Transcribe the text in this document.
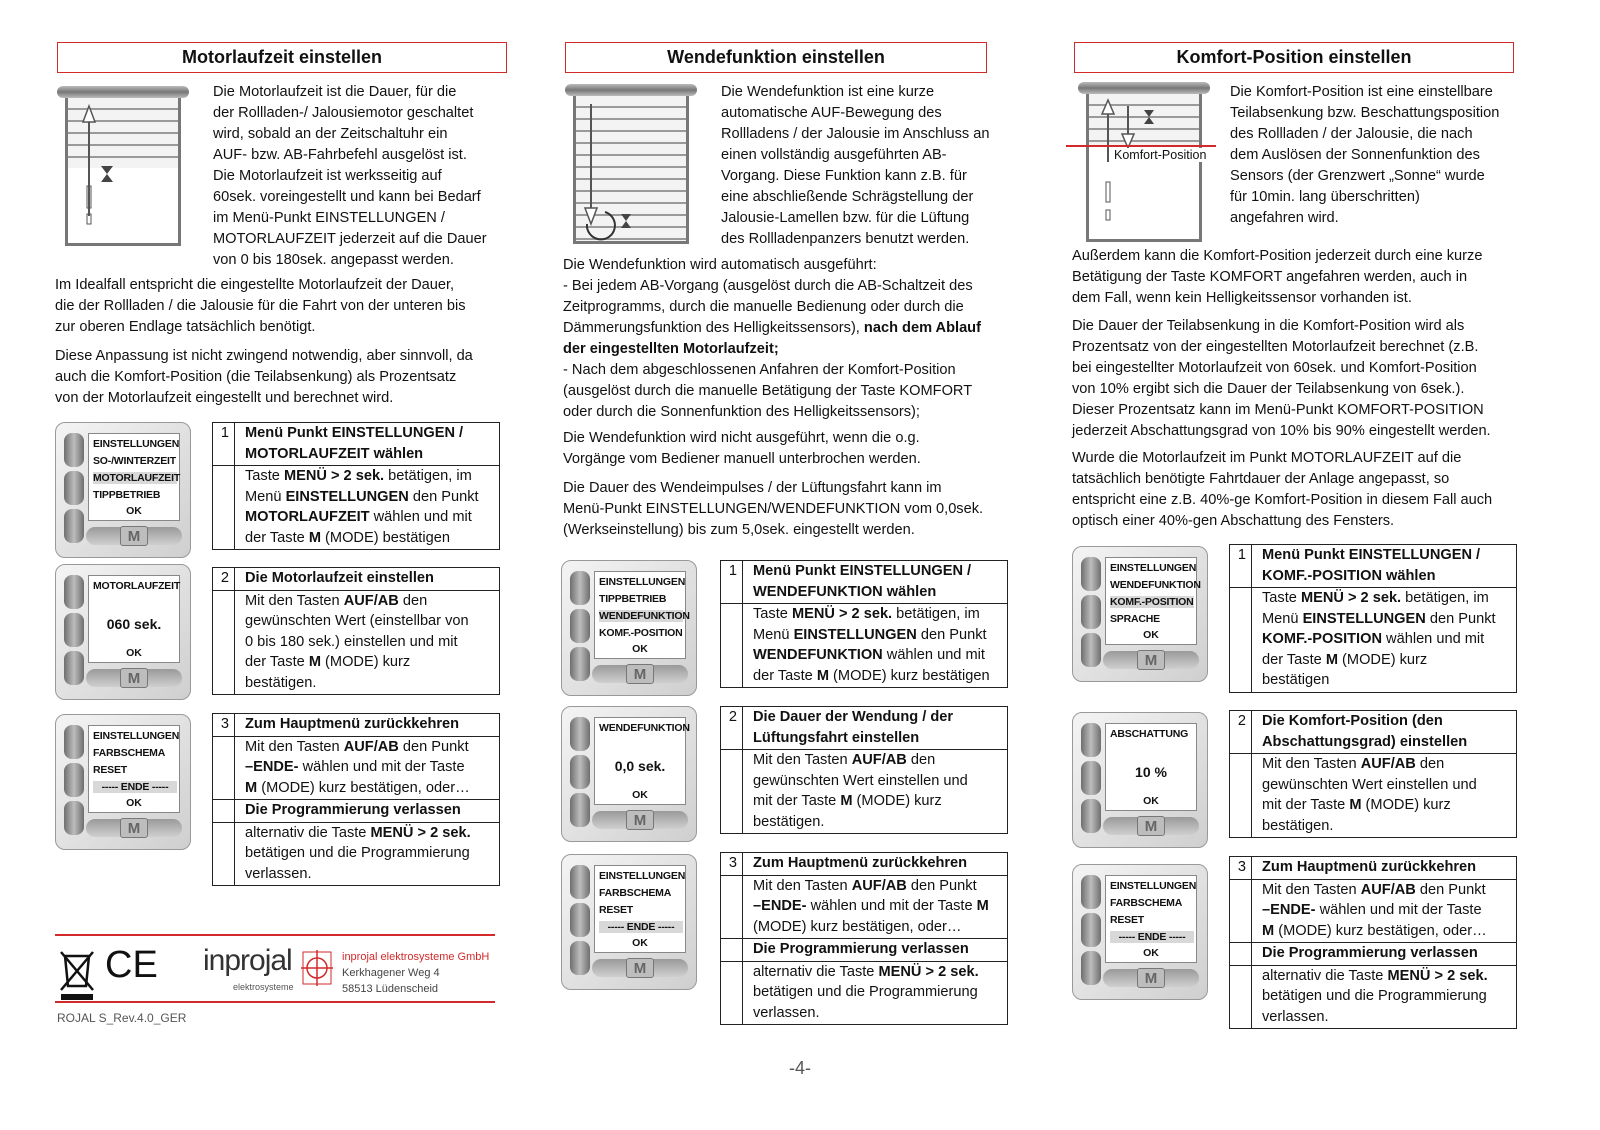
Motorlaufzeit einstellen
Die Motorlaufzeit ist die Dauer, für die
der Rollladen-/ Jalousiemotor geschaltet
wird, sobald an der Zeitschaltuhr ein
AUF- bzw. AB-Fahrbefehl ausgelöst ist.
Die Motorlaufzeit ist werksseitig auf
60sek. voreingestellt und kann bei Bedarf
im Menü-Punkt EINSTELLUNGEN /
MOTORLAUFZEIT jederzeit auf die Dauer
von 0 bis 180sek. angepasst werden.
Im Idealfall entspricht die eingestellte Motorlaufzeit der Dauer,
die der Rollladen / die Jalousie für die Fahrt von der unteren bis
zur oberen Endlage tatsächlich benötigt.
Diese Anpassung ist nicht zwingend notwendig, aber sinnvoll, da
auch die Komfort-Position (die Teilabsenkung) als Prozentsatz
von der Motorlaufzeit eingestellt und berechnet wird.
EINSTELLUNGEN
SO-/WINTERZEIT
MOTORLAUFZEIT
TIPPBETRIEB
OK
M
1	Menü Punkt EINSTELLUNGEN /
MOTORLAUFZEIT wählen
Taste MENÜ > 2 sek. betätigen, im
Menü EINSTELLUNGEN den Punkt
MOTORLAUFZEIT wählen und mit
der Taste M (MODE) bestätigen
MOTORLAUFZEIT
060 sek.
OK
M
2	Die Motorlaufzeit einstellen
Mit den Tasten AUF/AB den
gewünschten Wert (einstellbar von
0 bis 180 sek.) einstellen und mit
der Taste M (MODE) kurz
bestätigen.
EINSTELLUNGEN
FARBSCHEMA
RESET
----- ENDE -----
OK
M
3	Zum Hauptmenü zurückkehren
Mit den Tasten AUF/AB den Punkt
–ENDE- wählen und mit der Taste
M (MODE) kurz bestätigen, oder…
Die Programmierung verlassen
alternativ die Taste MENÜ > 2 sek.
betätigen und die Programmierung
verlassen.
CE inprojal
elektrosysteme
inprojal elektrosysteme GmbH
Kerkhagener Weg 4
58513 Lüdenscheid
ROJAL S_Rev.4.0_GER
Wendefunktion einstellen
Die Wendefunktion ist eine kurze
automatische AUF-Bewegung des
Rollladens / der Jalousie im Anschluss an
einen vollständig ausgeführten AB-
Vorgang. Diese Funktion kann z.B. für
eine abschließende Schrägstellung der
Jalousie-Lamellen bzw. für die Lüftung
des Rollladenpanzers benutzt werden.
Die Wendefunktion wird automatisch ausgeführt:
- Bei jedem AB-Vorgang (ausgelöst durch die AB-Schaltzeit des
Zeitprogramms, durch die manuelle Bedienung oder durch die
Dämmerungsfunktion des Helligkeitssensors), nach dem Ablauf
der eingestellten Motorlaufzeit;
- Nach dem abgeschlossenen Anfahren der Komfort-Position
(ausgelöst durch die manuelle Betätigung der Taste KOMFORT
oder durch die Sonnenfunktion des Helligkeitssensors);
Die Wendefunktion wird nicht ausgeführt, wenn die o.g.
Vorgänge vom Bediener manuell unterbrochen werden.
Die Dauer des Wendeimpulses / der Lüftungsfahrt kann im
Menü-Punkt EINSTELLUNGEN/WENDEFUNKTION vom 0,0sek.
(Werkseinstellung) bis zum 5,0sek. eingestellt werden.
EINSTELLUNGEN
TIPPBETRIEB
WENDEFUNKTION
KOMF.-POSITION
OK
M
1	Menü Punkt EINSTELLUNGEN /
WENDEFUNKTION wählen
Taste MENÜ > 2 sek. betätigen, im
Menü EINSTELLUNGEN den Punkt
WENDEFUNKTION wählen und mit
der Taste M (MODE) kurz bestätigen
WENDEFUNKTION
0,0 sek.
OK
M
2	Die Dauer der Wendung / der
Lüftungsfahrt einstellen
Mit den Tasten AUF/AB den
gewünschten Wert einstellen und
mit der Taste M (MODE) kurz
bestätigen.
EINSTELLUNGEN
FARBSCHEMA
RESET
----- ENDE -----
OK
M
3	Zum Hauptmenü zurückkehren
Mit den Tasten AUF/AB den Punkt
–ENDE- wählen und mit der Taste M
(MODE) kurz bestätigen, oder…
Die Programmierung verlassen
alternativ die Taste MENÜ > 2 sek.
betätigen und die Programmierung
verlassen.
Komfort-Position einstellen
Komfort-Position
Die Komfort-Position ist eine einstellbare
Teilabsenkung bzw. Beschattungsposition
des Rollladen / der Jalousie, die nach
dem Auslösen der Sonnenfunktion des
Sensors (der Grenzwert „Sonne“ wurde
für 10min. lang überschritten)
angefahren wird.
Außerdem kann die Komfort-Position jederzeit durch eine kurze
Betätigung der Taste KOMFORT angefahren werden, auch in
dem Fall, wenn kein Helligkeitssensor vorhanden ist.
Die Dauer der Teilabsenkung in die Komfort-Position wird als
Prozentsatz von der eingestellten Motorlaufzeit berechnet (z.B.
bei eingestellter Motorlaufzeit von 60sek. und Komfort-Position
von 10% ergibt sich die Dauer der Teilabsenkung von 6sek.).
Dieser Prozentsatz kann im Menü-Punkt KOMFORT-POSITION
jederzeit Abschattungsgrad von 10% bis 90% eingestellt werden.
Wurde die Motorlaufzeit im Punkt MOTORLAUFZEIT auf die
tatsächlich benötigte Fahrtdauer der Anlage angepasst, so
entspricht eine z.B. 40%-ge Komfort-Position in diesem Fall auch
optisch einer 40%-gen Abschattung des Fensters.
EINSTELLUNGEN
WENDEFUNKTION
KOMF.-POSITION
SPRACHE
OK
M
1	Menü Punkt EINSTELLUNGEN /
KOMF.-POSITION wählen
Taste MENÜ > 2 sek. betätigen, im
Menü EINSTELLUNGEN den Punkt
KOMF.-POSITION wählen und mit
der Taste M (MODE) kurz
bestätigen
ABSCHATTUNG
10 %
OK
M
2	Die Komfort-Position (den
Abschattungsgrad) einstellen
Mit den Tasten AUF/AB den
gewünschten Wert einstellen und
mit der Taste M (MODE) kurz
bestätigen.
EINSTELLUNGEN
FARBSCHEMA
RESET
----- ENDE -----
OK
M
3	Zum Hauptmenü zurückkehren
Mit den Tasten AUF/AB den Punkt
–ENDE- wählen und mit der Taste
M (MODE) kurz bestätigen, oder…
Die Programmierung verlassen
alternativ die Taste MENÜ > 2 sek.
betätigen und die Programmierung
verlassen.
-4-
